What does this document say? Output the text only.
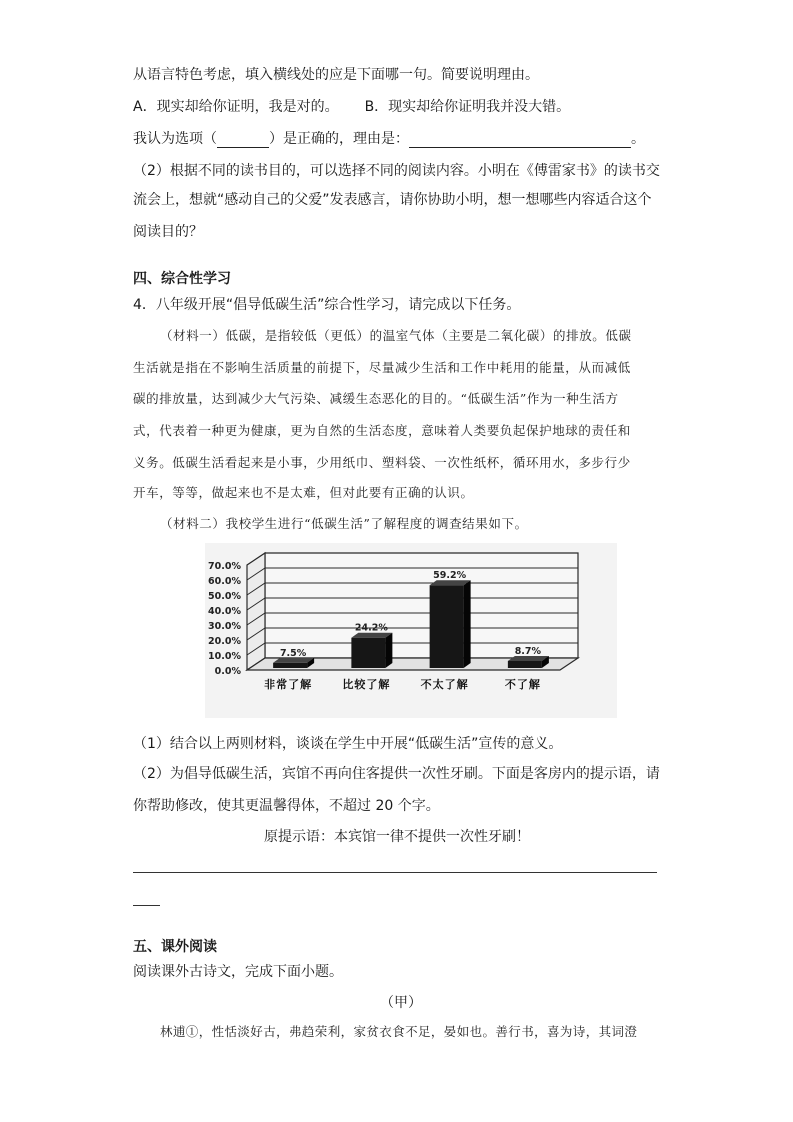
从语言特色考虑，填入横线处的应是下面哪一句。简要说明理由。
A．现实却给你证明，我是对的。 B．现实却给你证明我并没大错。
我认为选项（	）是正确的，理由是：	。
（2）根据不同的读书目的，可以选择不同的阅读内容。小明在《傅雷家书》的读书交
流会上，想就“感动自己的父爱”发表感言，请你协助小明，想一想哪些内容适合这个
阅读目的？
四、综合性学习
4．八年级开展“倡导低碳生活”综合性学习，请完成以下任务。
（材料一）低碳，是指较低（更低）的温室气体（主要是二氧化碳）的排放。低碳
生活就是指在不影响生活质量的前提下，尽量减少生活和工作中耗用的能量，从而减低
碳的排放量，达到减少大气污染、减缓生态恶化的目的。“低碳生活”作为一种生活方
式，代表着一种更为健康，更为自然的生活态度，意味着人类要负起保护地球的责任和
义务。低碳生活看起来是小事，少用纸巾、塑料袋、一次性纸杯，循环用水，多步行少
开车，等等，做起来也不是太难，但对此要有正确的认识。
（材料二）我校学生进行“低碳生活”了解程度的调查结果如下。
0.0%
10.0%
20.0%
30.0%
40.0%
50.0%
60.0%
70.0%
7.5%
非常了解
24.2%
比较了解
59.2%
不太了解
8.7%
不了解
（1）结合以上两则材料，谈谈在学生中开展“低碳生活”宣传的意义。
（2）为倡导低碳生活，宾馆不再向住客提供一次性牙刷。下面是客房内的提示语，请
你帮助修改，使其更温馨得体，不超过 20 个字。
原提示语：本宾馆一律不提供一次性牙刷！
五、课外阅读
阅读课外古诗文，完成下面小题。
（甲）
林逋①，性恬淡好古，弗趋荣利，家贫衣食不足，晏如也。善行书，喜为诗，其词澄
